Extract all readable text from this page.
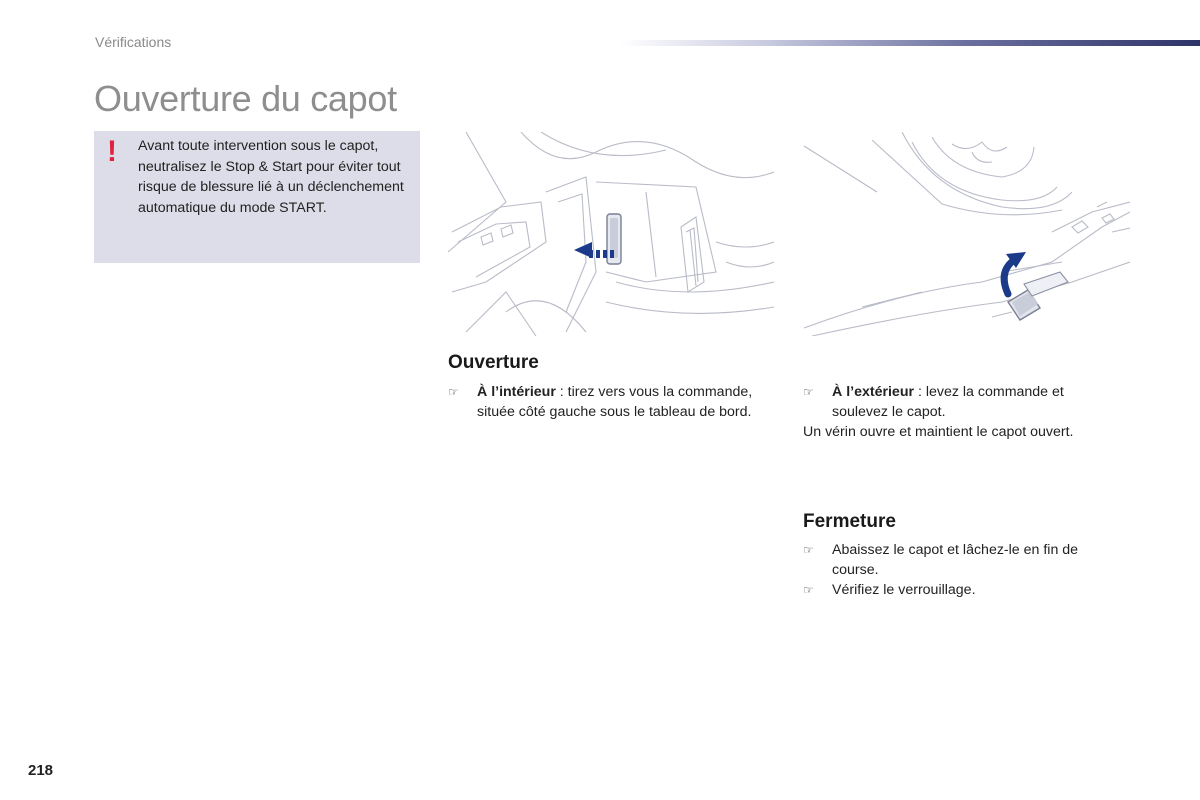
Vérifications
Ouverture du capot
! Avant toute intervention sous le capot, neutralisez le Stop & Start pour éviter tout risque de blessure lié à un déclenchement automatique du mode START.
Ouverture
☞	À l’intérieur : tirez vers vous la commande, située côté gauche sous le tableau de bord.
☞	À l’extérieur : levez la commande et soulevez le capot.
Un vérin ouvre et maintient le capot ouvert.
Fermeture
☞	Abaissez le capot et lâchez-le en fin de course.
☞	Vérifiez le verrouillage.
218
